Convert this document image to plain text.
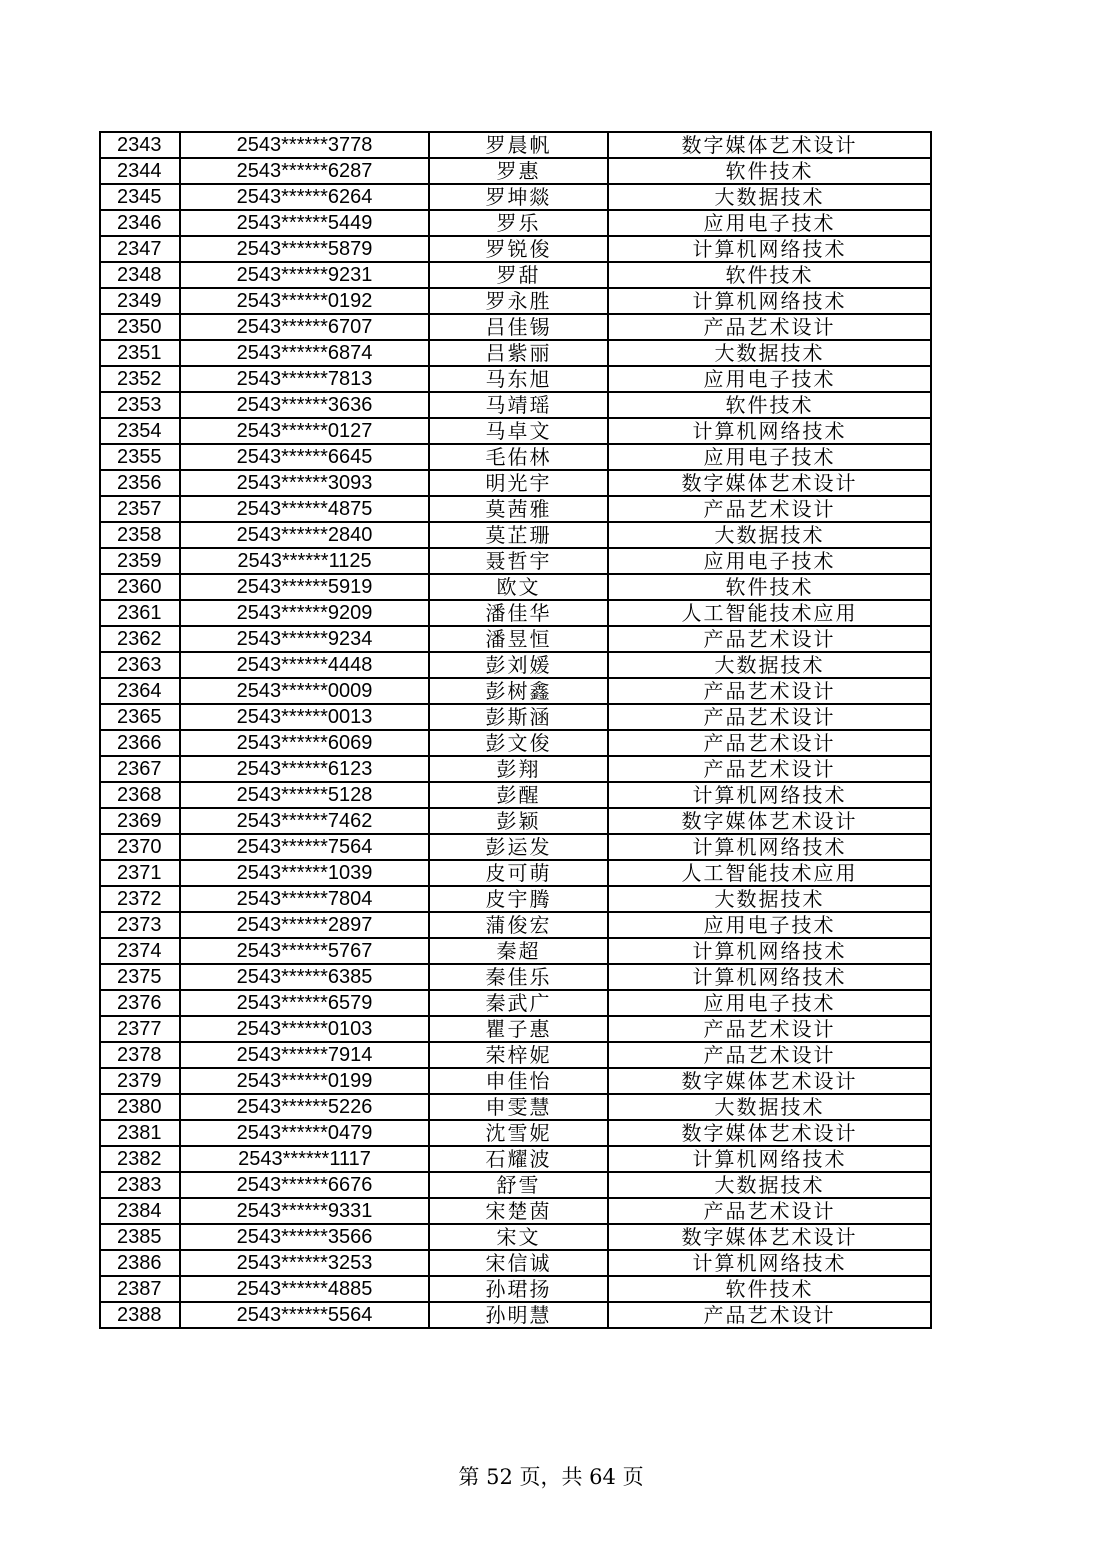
2343	2543******3778	罗晨帆	数字媒体艺术设计
2344	2543******6287	罗惠	软件技术
2345	2543******6264	罗坤燚	大数据技术
2346	2543******5449	罗乐	应用电子技术
2347	2543******5879	罗锐俊	计算机网络技术
2348	2543******9231	罗甜	软件技术
2349	2543******0192	罗永胜	计算机网络技术
2350	2543******6707	吕佳锡	产品艺术设计
2351	2543******6874	吕紫丽	大数据技术
2352	2543******7813	马东旭	应用电子技术
2353	2543******3636	马靖瑶	软件技术
2354	2543******0127	马卓文	计算机网络技术
2355	2543******6645	毛佑林	应用电子技术
2356	2543******3093	明光宇	数字媒体艺术设计
2357	2543******4875	莫茜雅	产品艺术设计
2358	2543******2840	莫芷珊	大数据技术
2359	2543******1125	聂哲宇	应用电子技术
2360	2543******5919	欧文	软件技术
2361	2543******9209	潘佳华	人工智能技术应用
2362	2543******9234	潘昱恒	产品艺术设计
2363	2543******4448	彭刘媛	大数据技术
2364	2543******0009	彭树鑫	产品艺术设计
2365	2543******0013	彭斯涵	产品艺术设计
2366	2543******6069	彭文俊	产品艺术设计
2367	2543******6123	彭翔	产品艺术设计
2368	2543******5128	彭醒	计算机网络技术
2369	2543******7462	彭颖	数字媒体艺术设计
2370	2543******7564	彭运发	计算机网络技术
2371	2543******1039	皮可萌	人工智能技术应用
2372	2543******7804	皮宇腾	大数据技术
2373	2543******2897	蒲俊宏	应用电子技术
2374	2543******5767	秦超	计算机网络技术
2375	2543******6385	秦佳乐	计算机网络技术
2376	2543******6579	秦武广	应用电子技术
2377	2543******0103	瞿子惠	产品艺术设计
2378	2543******7914	荣梓妮	产品艺术设计
2379	2543******0199	申佳怡	数字媒体艺术设计
2380	2543******5226	申雯慧	大数据技术
2381	2543******0479	沈雪妮	数字媒体艺术设计
2382	2543******1117	石耀波	计算机网络技术
2383	2543******6676	舒雪	大数据技术
2384	2543******9331	宋楚茵	产品艺术设计
2385	2543******3566	宋文	数字媒体艺术设计
2386	2543******3253	宋信诚	计算机网络技术
2387	2543******4885	孙珺扬	软件技术
2388	2543******5564	孙明慧	产品艺术设计
第 52 页，共 64 页
